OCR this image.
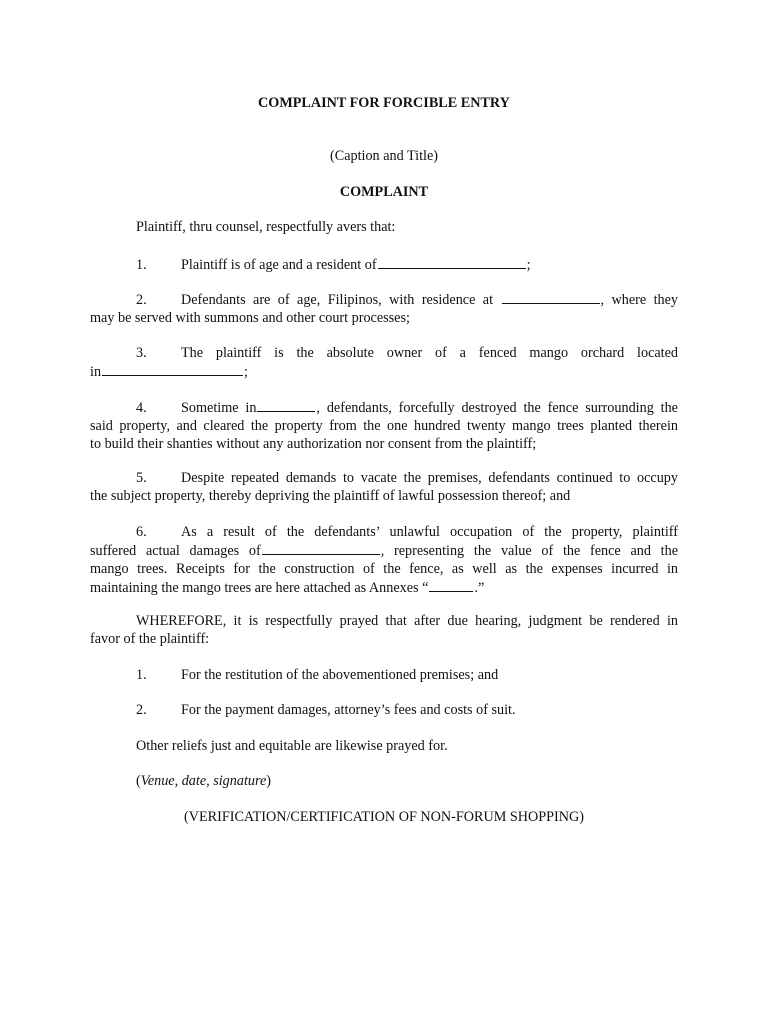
COMPLAINT FOR FORCIBLE ENTRY

(Caption and Title)

COMPLAINT

Plaintiff, thru counsel, respectfully avers that:

1. Plaintiff is of age and a resident of	;

2. Defendants are of age, Filipinos, with residence at	, where they
may be served with summons and other court processes;
3. The plaintiff is the absolute owner of a fenced mango orchard located
in	;
4. Sometime in	, defendants, forcefully destroyed the fence surrounding the
said property, and cleared the property from the one hundred twenty mango trees planted therein
to build their shanties without any authorization nor consent from the plaintiff;
5. Despite repeated demands to vacate the premises, defendants continued to occupy
the subject property, thereby depriving the plaintiff of lawful possession thereof; and
6. As a result of the defendants’ unlawful occupation of the property, plaintiff
suffered actual damages of	, representing the value of the fence and the
mango trees. Receipts for the construction of the fence, as well as the expenses incurred in
maintaining the mango trees are here attached as Annexes “	.”
WHEREFORE, it is respectfully prayed that after due hearing, judgment be rendered in
favor of the plaintiff:

1. For the restitution of the abovementioned premises; and

2. For the payment damages, attorney’s fees and costs of suit.

Other reliefs just and equitable are likewise prayed for.

(Venue, date, signature)

(VERIFICATION/CERTIFICATION OF NON-FORUM SHOPPING)
